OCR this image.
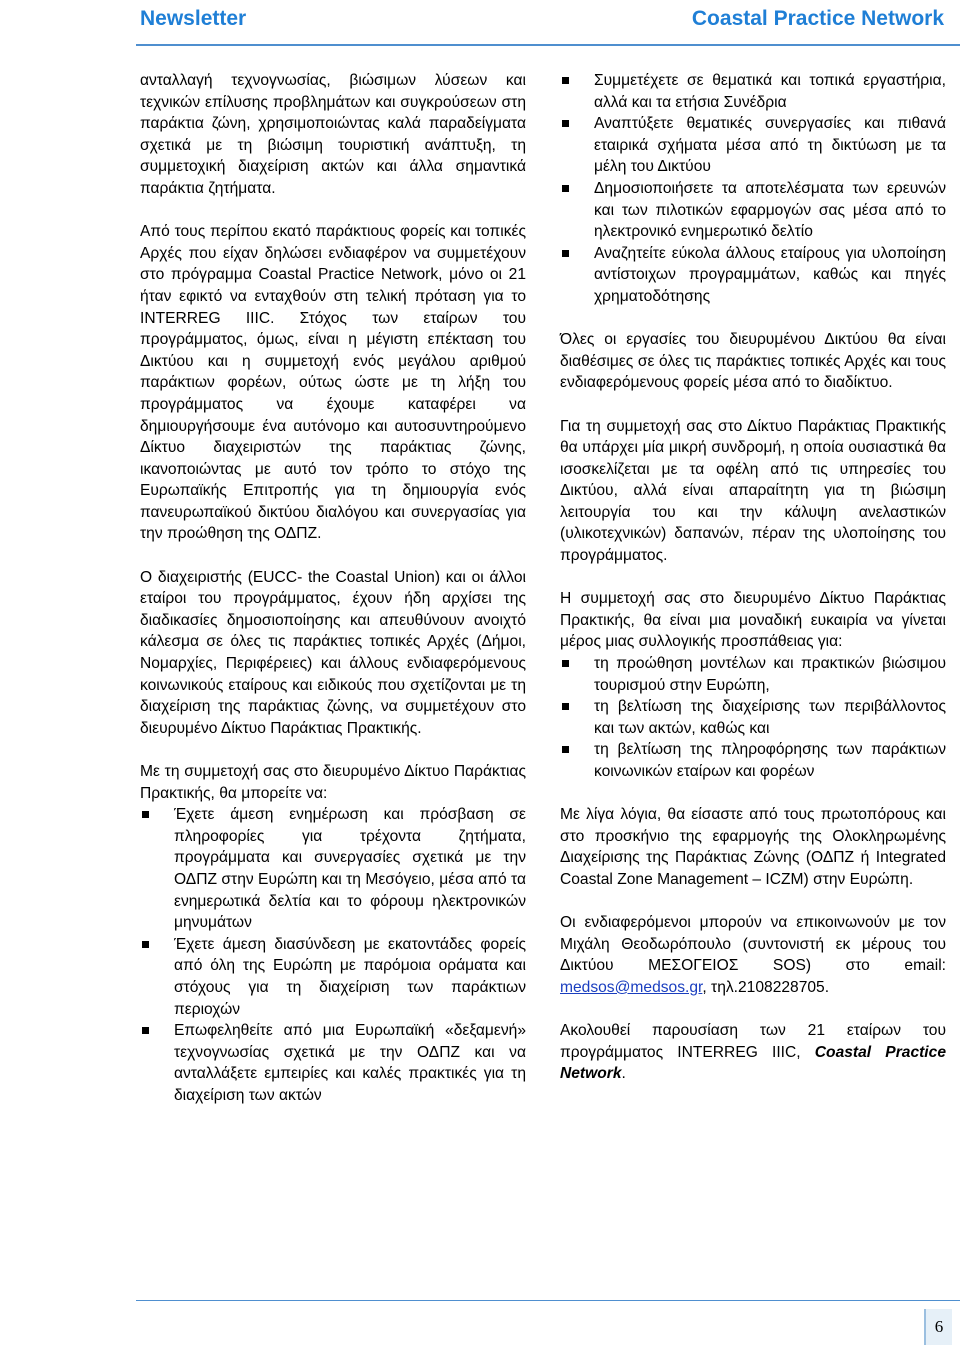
Newsletter	Coastal Practice Network

ανταλλαγή τεχνογνωσίας, βιώσιμων λύσεων και τεχνικών επίλυσης προβλημάτων και συγκρούσεων στη παράκτια ζώνη, χρησιμοποιώντας καλά παραδείγματα σχετικά με τη βιώσιμη τουριστική ανάπτυξη, τη συμμετοχική διαχείριση ακτών και άλλα σημαντικά παράκτια ζητήματα.

Από τους περίπου εκατό παράκτιους φορείς και τοπικές Αρχές που είχαν δηλώσει ενδιαφέρον να συμμετέχουν στο πρόγραμμα Coastal Practice Network, μόνο οι 21 ήταν εφικτό να ενταχθούν στη τελική πρόταση για το INTERREG IIIC. Στόχος των εταίρων του προγράμματος, όμως, είναι η μέγιστη επέκταση του Δικτύου και η συμμετοχή ενός μεγάλου αριθμού παράκτιων φορέων, ούτως ώστε με τη λήξη του προγράμματος να έχουμε καταφέρει να δημιουργήσουμε ένα αυτόνομο και αυτοσυντηρούμενο Δίκτυο διαχειριστών της παράκτιας ζώνης, ικανοποιώντας με αυτό τον τρόπο το στόχο της Ευρωπαϊκής Επιτροπής για τη δημιουργία ενός πανευρωπαϊκού δικτύου διαλόγου και συνεργασίας για την προώθηση της ΟΔΠΖ.

Ο διαχειριστής (EUCC- the Coastal Union) και οι άλλοι εταίροι του προγράμματος, έχουν ήδη αρχίσει της διαδικασίες δημοσιοποίησης και απευθύνουν ανοιχτό κάλεσμα σε όλες τις παράκτιες τοπικές Αρχές (Δήμοι, Νομαρχίες, Περιφέρειες) και άλλους ενδιαφερόμενους κοινωνικούς εταίρους και ειδικούς που σχετίζονται με τη διαχείριση της παράκτιας ζώνης, να συμμετέχουν στο διευρυμένο Δίκτυο Παράκτιας Πρακτικής.

Με τη συμμετοχή σας στο διευρυμένο Δίκτυο Παράκτιας Πρακτικής, θα μπορείτε να:

Έχετε άμεση ενημέρωση και πρόσβαση σε πληροφορίες για τρέχοντα ζητήματα, προγράμματα και συνεργασίες σχετικά με την ΟΔΠΖ στην Ευρώπη και τη Μεσόγειο, μέσα από τα ενημερωτικά δελτία και το φόρουμ ηλεκτρονικών μηνυμάτων
Έχετε άμεση διασύνδεση με εκατοντάδες φορείς από όλη της Ευρώπη με παρόμοια οράματα και στόχους για τη διαχείριση των παράκτιων περιοχών
Επωφεληθείτε από μια Ευρωπαϊκή «δεξαμενή» τεχνογνωσίας σχετικά με την ΟΔΠΖ και να ανταλλάξετε εμπειρίες και καλές πρακτικές για τη διαχείριση των ακτών
Συμμετέχετε σε θεματικά και τοπικά εργαστήρια, αλλά και τα ετήσια Συνέδρια
Αναπτύξετε θεματικές συνεργασίες και πιθανά εταιρικά σχήματα μέσα από τη δικτύωση με τα μέλη του Δικτύου
Δημοσιοποιήσετε τα αποτελέσματα των ερευνών και των πιλοτικών εφαρμογών σας μέσα από το ηλεκτρονικό ενημερωτικό δελτίο
Αναζητείτε εύκολα άλλους εταίρους για υλοποίηση αντίστοιχων προγραμμάτων, καθώς και πηγές χρηματοδότησης

Όλες οι εργασίες του διευρυμένου Δικτύου θα είναι διαθέσιμες σε όλες τις παράκτιες τοπικές Αρχές και τους ενδιαφερόμενους φορείς μέσα από το διαδίκτυο.

Για τη συμμετοχή σας στο Δίκτυο Παράκτιας Πρακτικής θα υπάρχει μία μικρή συνδρομή, η οποία ουσιαστικά θα ισοσκελίζεται με τα οφέλη από τις υπηρεσίες του Δικτύου, αλλά είναι απαραίτητη για τη βιώσιμη λειτουργία του και την κάλυψη ανελαστικών (υλικοτεχνικών) δαπανών, πέραν της υλοποίησης του προγράμματος.

Η συμμετοχή σας στο διευρυμένο Δίκτυο Παράκτιας Πρακτικής, θα είναι μια μοναδική ευκαιρία να γίνεται μέρος μιας συλλογικής προσπάθειας για:

τη προώθηση μοντέλων και πρακτικών βιώσιμου τουρισμού στην Ευρώπη,
τη βελτίωση της διαχείρισης των περιβάλλοντος και των ακτών, καθώς και
τη βελτίωση της πληροφόρησης των παράκτιων κοινωνικών εταίρων και φορέων

Με λίγα λόγια, θα είσαστε από τους πρωτοπόρους και στο προσκήνιο της εφαρμογής της Ολοκληρωμένης Διαχείρισης της Παράκτιας Ζώνης (ΟΔΠΖ ή Integrated Coastal Zone Management – ICZM) στην Ευρώπη.

Οι ενδιαφερόμενοι μπορούν να επικοινωνούν με τον Μιχάλη Θεοδωρόπουλο (συντονιστή εκ μέρους του Δικτύου ΜΕΣΟΓΕΙΟΣ SOS) στο email: medsos@medsos.gr, τηλ.2108228705.

Ακολουθεί παρουσίαση των 21 εταίρων του προγράμματος INTERREG IIIC, Coastal Practice Network.

6
